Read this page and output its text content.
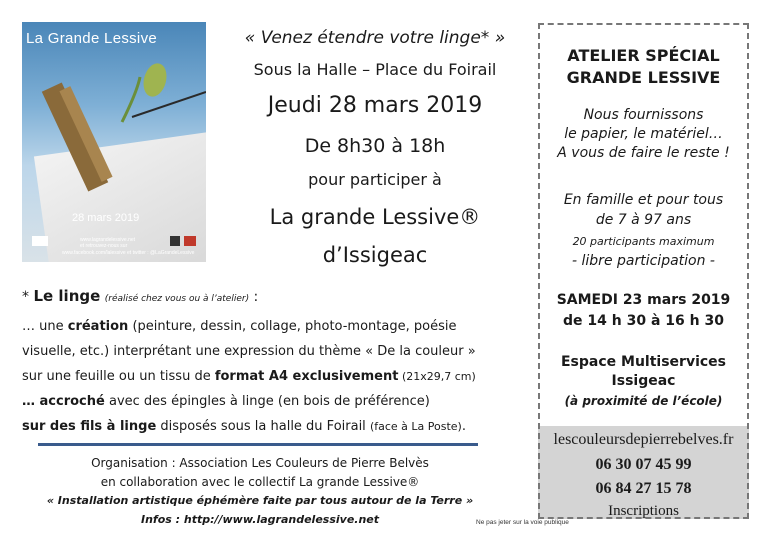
La Grande Lessive
28 mars 2019
www.lagrandelessive.net
et retrouvez-nous sur
www.facebook.com/lalessive et twitter : @LaGrandeLessive
« Venez étendre votre linge* »
Sous la Halle – Place du Foirail
Jeudi 28 mars 2019
De 8h30 à 18h
pour participer à
La grande Lessive®
d’Issigeac
* Le linge (réalisé chez vous ou à l’atelier) :
… une création (peinture, dessin, collage, photo-montage, poésie
visuelle, etc.) interprétant une expression du thème « De la couleur »
sur une feuille ou un tissu de format A4 exclusivement (21x29,7 cm)
… accroché avec des épingles à linge (en bois de préférence)
sur des fils à linge disposés sous la halle du Foirail (face à La Poste).
Organisation : Association Les Couleurs de Pierre Belvès
en collaboration avec le collectif La grande Lessive®
« Installation artistique éphémère faite par tous autour de la Terre »
Infos : http://www.lagrandelessive.net	Ne pas jeter sur la voie publique
ATELIER SPÉCIAL
GRANDE LESSIVE
Nous fournissons
le papier, le matériel…
A vous de faire le reste !
En famille et pour tous
de 7 à 97 ans
20 participants maximum
- libre participation -
SAMEDI 23 mars 2019
de 14 h 30 à 16 h 30
Espace Multiservices
Issigeac
(à proximité de l’école)
lescouleursdepierrebelves.fr
06 30 07 45 99
06 84 27 15 78
Inscriptions
